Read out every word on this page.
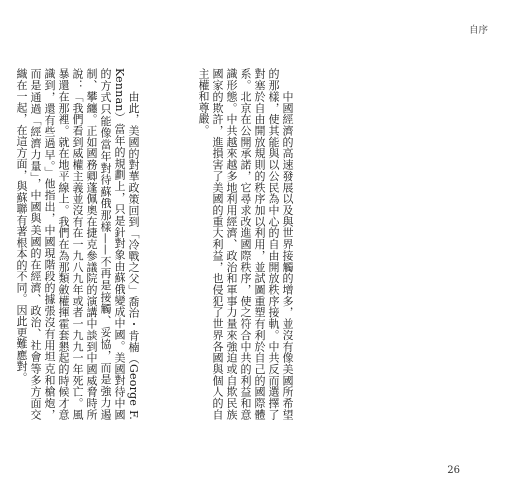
自序

　　中國經濟的高速發展以及與世界接觸的增多，並沒有像美國所希望的那樣，使其能與以公民為中心的自由開放秩序接軌。中共反而選擇了對塞於自由開放規則的秩序加以利用，並試圖重塑有利於自己的國際體系。北京在公開承諾，它尋求改進國際秩序，使之符合中共的利益和意識形態。中共越來越多地利用經濟、政治和軍事力量來強迫或自欺民族國家的欺許，進損害了美國的重大利益，也侵犯了世界各國與個人的自主權和尊嚴。

　　由此，美國的對華政策回到「冷戰之父」喬治・肯楠（George F. Kennan）當年的規劃上，只是針對象由蘇俄變成中國。美國對待中國的方式只能像當年對待蘇俄那樣——不再是接觸、妥協，而是強力遏制、攀纏。正如國務卿蓬佩奧在捷克參議院的演講中談到中國威脅時所說：「我們看到威權主義並沒有在一九八九年或者一九九一年死亡。風暴還在那裡。就在地平線上。我們在為那類斂權揮霍套懇起的時候才意識到，還有些過早。」他指出，中國現階段的據張沒有用坦克和槍炮，而是通過「經濟力量」，中國與美國的在經濟、政治、社會等多方面交織在一起，在這方面，與蘇聯有著根本的不同。因此更難應對。

26
